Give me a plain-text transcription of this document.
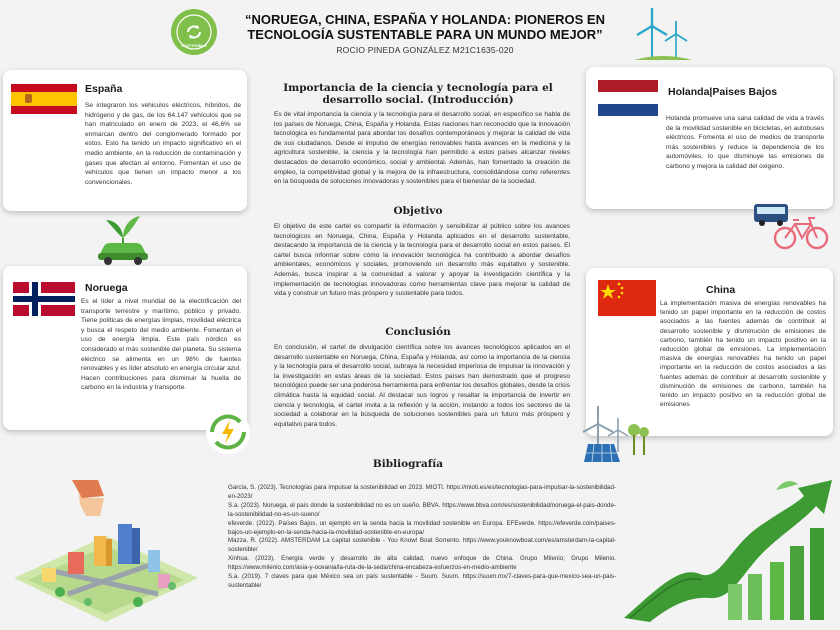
SOSTENIBLE
“NORUEGA, CHINA, ESPAÑA Y HOLANDA: PIONEROS EN TECNOLOGÍA SUSTENTABLE PARA UN MUNDO MEJOR”
ROCIO PINEDA GONZÁLEZ M21C1635-020
España
Se integraron los vehiculos eléctricos, híbridos, de hidrógeno y de gas, de los 64.147 vehículos que se han matriculado en enero de 2023, el 46,6% se enmarcan dentro del conglomerado formado por estos. Esto ha tenido un impacto significativo en el medio ambiente, en la reducción de contaminación y gases que afectan al entorno. Fomentan el uso de vehículos que tienen un impacto menor a los convencionales.
Noruega
Es el líder a nivel mundial de la electrificación del transporte terrestre y marítimo, público y privado. Tiene políticas de energías limpias, movilidad eléctrica y busca el respeto del medio ambiente. Fomentan el uso de energía limpia. Este país nórdico es considerado el más sostenible del planeta. Su sistema eléctrico se alimenta en un 98% de fuentes renovables y es líder absoluto en energía circular azul. Hacen contribuciones para disminuir la huella de carbono en la industria y transporte.
Importancia de la ciencia y tecnología para el desarrollo social. (Introducción)
Es de vital importancia la ciencia y la tecnología para el desarrollo social, en específico se habla de los países de Noruega, China, España y Holanda. Estas naciones han reconocido que la innovación tecnológica es fundamental para abordar los desafíos contemporáneos y mejorar la calidad de vida de sus ciudadanos. Desde el impulso de energías renovables hasta avances en la medicina y la agricultura sostenible, la ciencia y la tecnología han permitido a estos países alcanzar niveles destacados de desarrollo económico, social y ambiental. Además, han fomentado la creación de empleo, la competitividad global y la mejora de la infraestructura, consolidándose como referentes en la búsqueda de soluciones innovadoras y sostenibles para el bienestar de la sociedad.
Objetivo
El objetivo de este cartel es compartir la información y sensibilizar al público sobre los avances tecnológicos en Noruega, China, España y Holanda aplicados en el desarrollo sustentable, destacando la importancia de la ciencia y la tecnología para el desarrollo social en estos países. El cartel busca informar sobre cómo la innovación tecnológica ha contribuido a abordar desafíos ambientales, económicos y sociales, promoviendo un desarrollo más equitativo y sostenible. Además, busca inspirar a la comunidad a valorar y apoyar la investigación científica y la implementación de tecnologías innovadoras como herramientas clave para mejorar la calidad de vida y construir un futuro más próspero y sustentable para todos.
Conclusión
En conclusión, el cartel de divulgación científica sobre los avances tecnológicos aplicados en el desarrollo sustentable en Noruega, China, España y Holanda, así como la importancia de la ciencia y la tecnología para el desarrollo social, subraya la necesidad imperiosa de impulsar la innovación y la investigación en estas áreas de la sociedad. Estos países han demostrado que el progreso tecnológico puede ser una poderosa herramienta para enfrentar los desafíos globales, desde la crisis climática hasta la equidad social. Al destacar sus logros y resaltar la importancia de invertir en ciencia y tecnología, el cartel invita a la reflexión y la acción, instando a todos los sectores de la sociedad a colaborar en la búsqueda de soluciones sostenibles para un futuro más próspero y equitativo para todos.
Holanda|Paises Bajos
Holanda promueve una sana calidad de vida a través de la movilidad sostenible en bicicletas, en autobuses eléctricos. Fomenta el uso de medios de transporte más sostenibles y reduce la dependencia de los automóviles, lo que disminuye las emisiones de carbono y mejora la calidad del oxigeno.
China
La implementación masiva de energías renovables ha tenido un papel importante en la reducción de costos asociados a las fuentes además de contribuir al desarrollo sostenible y disminución de emisiones de carbono, también ha tenido un impacto positivo en la reducción global de emisiones. La implementación masiva de energías renovables ha tenido un papel importante en la reducción de costos asociados a las fuentes además de contribuir al desarrollo sostenible y disminución de emisiones de carbono, también ha tenido un impacto positivo en la reducción global de emisiones
Bibliografía

García, S. (2023). Tecnologías para impulsar la sostenibilidad en 2023. MIOTI. https://mioti.es/es/tecnologias-para-impulsar-la-sostenibilidad-en-2023/

S.a. (2023). Noruega, el país donde la sostenibilidad no es un sueño. BBVA. https://www.bbva.com/es/sostenibilidad/noruega-el-pais-donde-la-sostenibilidad-no-es-un-sueno/

efeverde. (2022). Países Bajos, un ejemplo en la senda hacia la movilidad sostenible en Europa. EFEverde. https://efeverde.com/paises-bajos-un-ejemplo-en-la-senda-hacia-la-movilidad-sostenible-en-europa/

Mazza, R. (2022). AMSTERDAM La capital sostenible - You Know! Boat Sorrento. https://www.youknowboat.com/es/amsterdam-la-capital-sostenible/

Xinhua. (2023). Energía verde y desarrollo de alta calidad, nuevo enfoque de China. Grupo Milenio; Grupo Milenio. https://www.milenio.com/asia-y-oceania/la-ruta-de-la-seda/china-encabeza-esfuerzos-en-medio-ambiente

S.a. (2019). 7 claves para que México sea un país sustentable - Suum. Suum. https://suum.mx/7-claves-para-que-mexico-sea-un-pais-sustentable/
